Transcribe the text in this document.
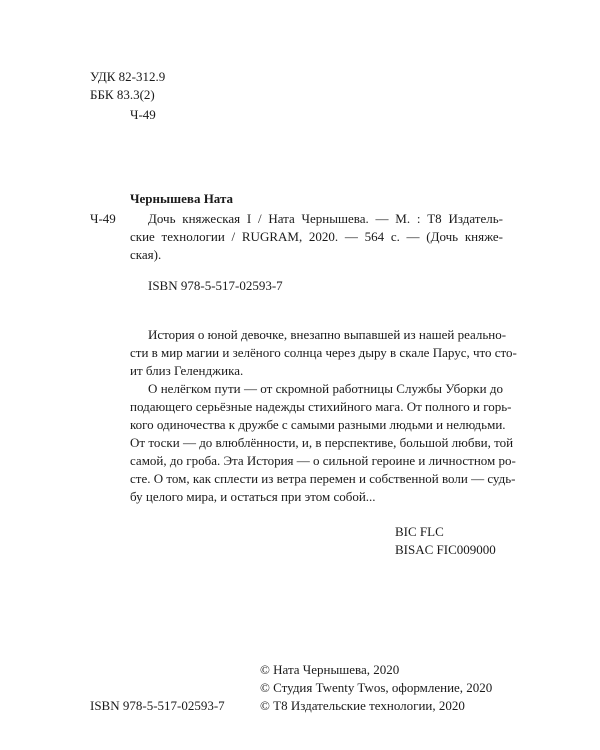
УДК 82-312.9
ББК 83.3(2)
Ч-49
Чернышева Ната
Ч-49 Дочь княжеская I / Ната Чернышева. — М. : Т8 Издатель-
ские технологии / RUGRAM, 2020. — 564 с. — (Дочь княже-
ская).
ISBN 978-5-517-02593-7
История о юной девочке, внезапно выпавшей из нашей реально-
сти в мир магии и зелёного солнца через дыру в скале Парус, что сто-
ит близ Геленджика.
О нелёгком пути — от скромной работницы Службы Уборки до
подающего серьёзные надежды стихийного мага. От полного и горь-
кого одиночества к дружбе с самыми разными людьми и нелюдьми.
От тоски — до влюблённости, и, в перспективе, большой любви, той
самой, до гроба. Эта История — о сильной героине и личностном ро-
сте. О том, как сплести из ветра перемен и собственной воли — судь-
бу целого мира, и остаться при этом собой...
BIC FLC
BISAC FIC009000
© Ната Чернышева, 2020
© Студия Twenty Twos, оформление, 2020
ISBN 978-5-517-02593-7	© Т8 Издательские технологии, 2020
